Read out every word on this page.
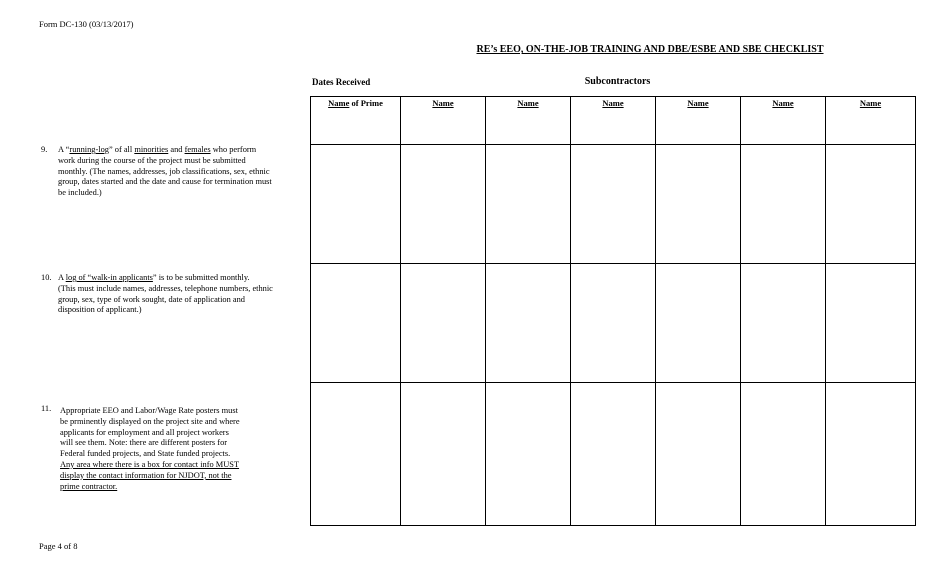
Form DC-130 (03/13/2017)
RE’s EEO, ON-THE-JOB TRAINING AND DBE/ESBE AND SBE CHECKLIST
Dates Received	Subcontractors
Name of Prime	Name	Name	Name	Name	Name	Name

9. A “running-log” of all minorities and females who perform
work during the course of the project must be submitted
monthly. (The names, addresses, job classifications, sex, ethnic
group, dates started and the date and cause for termination must
be included.)
10. A log of “walk-in applicants” is to be submitted monthly.
(This must include names, addresses, telephone numbers, ethnic
group, sex, type of work sought, date of application and
disposition of applicant.)
11. Appropriate EEO and Labor/Wage Rate posters must
be prminently displayed on the project site and where
applicants for employment and all project workers
will see them. Note: there are different posters for
Federal funded projects, and State funded projects.
Any area where there is a box for contact info MUST
display the contact information for NJDOT, not the
prime contractor.
Page 4 of 8
